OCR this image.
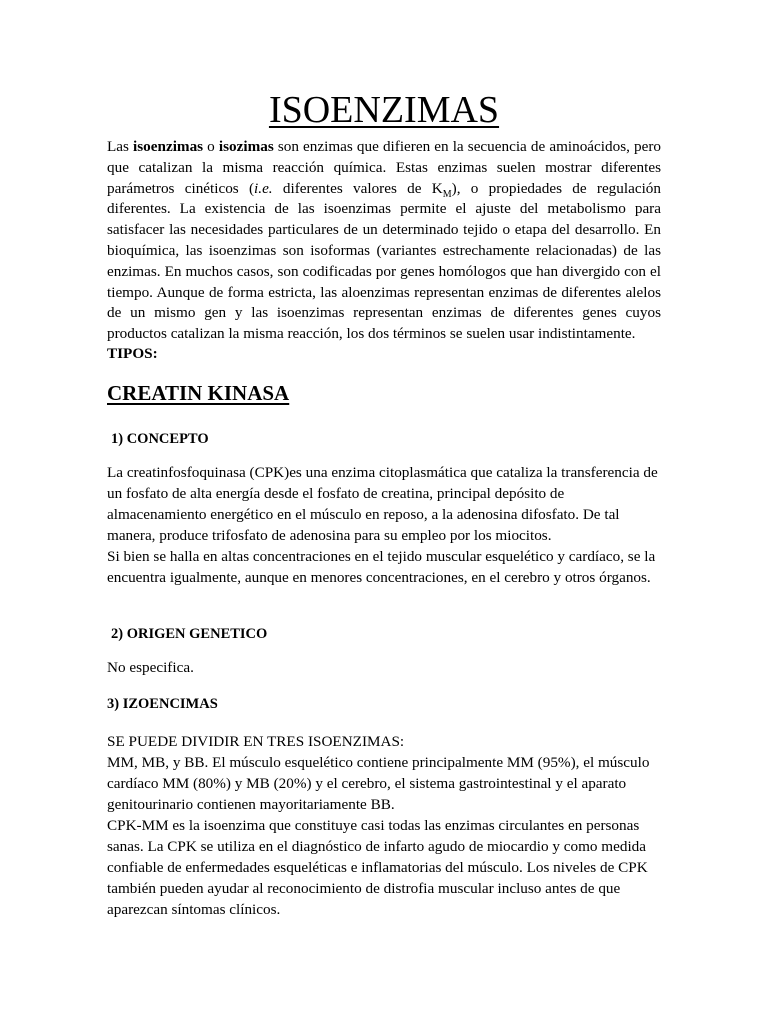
ISOENZIMAS

Las isoenzimas o isozimas son enzimas que difieren en la secuencia de aminoácidos, pero que catalizan la misma reacción química. Estas enzimas suelen mostrar diferentes parámetros cinéticos (i.e. diferentes valores de $K_M$), o propiedades de regulación diferentes. La existencia de las isoenzimas permite el ajuste del metabolismo para satisfacer las necesidades particulares de un determinado tejido o etapa del desarrollo. En bioquímica, las isoenzimas son isoformas (variantes estrechamente relacionadas) de las enzimas. En muchos casos, son codificadas por genes homólogos que han divergido con el tiempo. Aunque de forma estricta, las aloenzimas representan enzimas de diferentes alelos de un mismo gen y las isoenzimas representan enzimas de diferentes genes cuyos productos catalizan la misma reacción, los dos términos se suelen usar indistintamente.

TIPOS:
CREATIN KINASA
1) CONCEPTO

La creatinfosfoquinasa (CPK)es una enzima citoplasmática que cataliza la transferencia de un fosfato de alta energía desde el fosfato de creatina, principal depósito de almacenamiento energético en el músculo en reposo, a la adenosina difosfato. De tal manera, produce trifosfato de adenosina para su empleo por los miocitos.

Si bien se halla en altas concentraciones en el tejido muscular esquelético y cardíaco, se la encuentra igualmente, aunque en menores concentraciones, en el cerebro y otros órganos.

2) ORIGEN GENETICO

No especifica.

3) IZOENCIMAS

SE PUEDE DIVIDIR EN TRES ISOENZIMAS:

MM, MB, y BB. El músculo esquelético contiene principalmente MM (95%), el músculo cardíaco MM (80%) y MB (20%) y el cerebro, el sistema gastrointestinal y el aparato genitourinario contienen mayoritariamente BB.

CPK-MM es la isoenzima que constituye casi todas las enzimas circulantes en personas sanas. La CPK se utiliza en el diagnóstico de infarto agudo de miocardio y como medida confiable de enfermedades esqueléticas e inflamatorias del músculo. Los niveles de CPK también pueden ayudar al reconocimiento de distrofia muscular incluso antes de que aparezcan síntomas clínicos.
